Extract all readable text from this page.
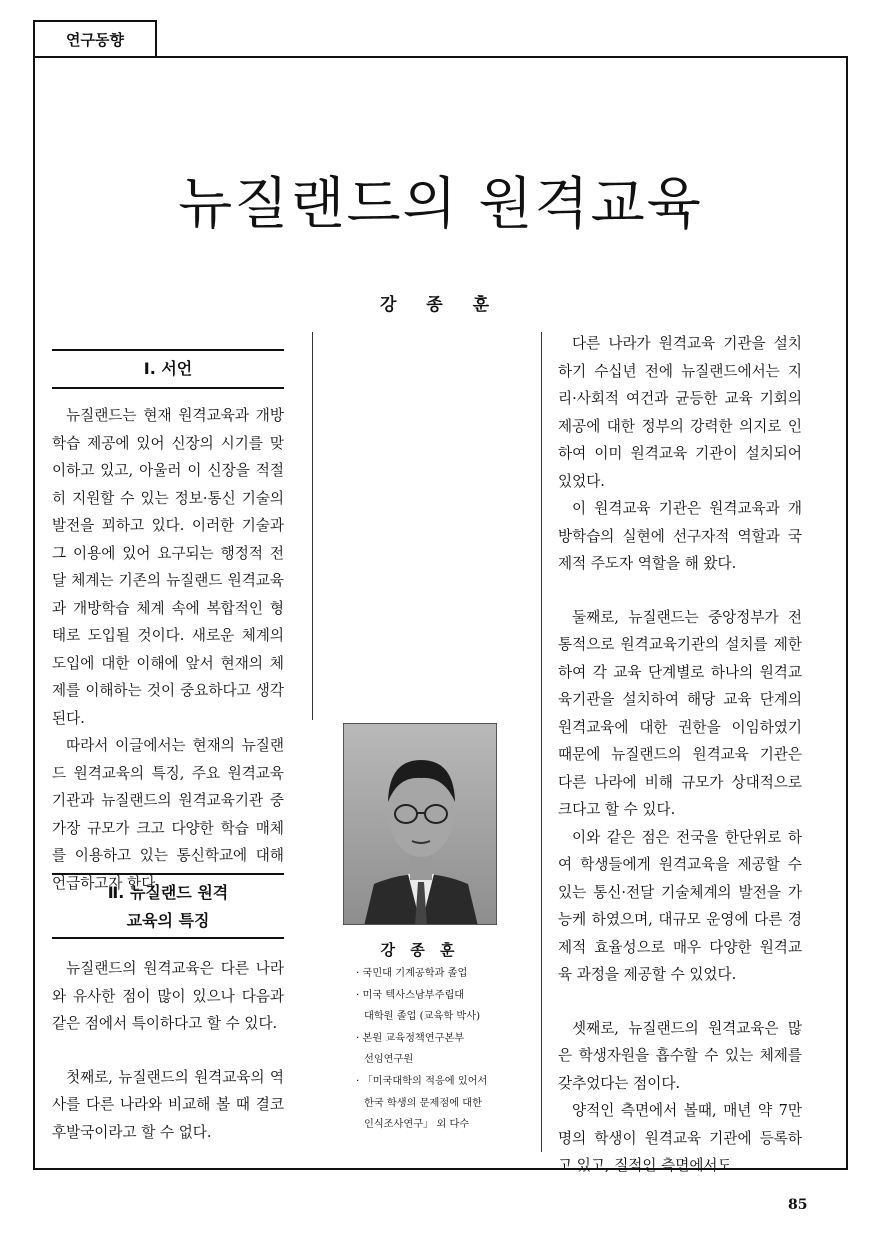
연구동향
뉴질랜드의 원격교육
강 종 훈
Ⅰ. 서언

뉴질랜드는 현재 원격교육과 개방학습 제공에 있어 신장의 시기를 맞이하고 있고, 아울러 이 신장을 적절히 지원할 수 있는 정보·통신 기술의 발전을 꾀하고 있다. 이러한 기술과 그 이용에 있어 요구되는 행정적 전달 체계는 기존의 뉴질랜드 원격교육과 개방학습 체계 속에 복합적인 형태로 도입될 것이다. 새로운 체계의 도입에 대한 이해에 앞서 현재의 체제를 이해하는 것이 중요하다고 생각된다.

따라서 이글에서는 현재의 뉴질랜드 원격교육의 특징, 주요 원격교육기관과 뉴질랜드의 원격교육기관 중 가장 규모가 크고 다양한 학습 매체를 이용하고 있는 통신학교에 대해 언급하고자 한다.

Ⅱ. 뉴질랜드 원격
교육의 특징

뉴질랜드의 원격교육은 다른 나라와 유사한 점이 많이 있으나 다음과 같은 점에서 특이하다고 할 수 있다.

첫째로, 뉴질랜드의 원격교육의 역사를 다른 나라와 비교해 볼 때 결코 후발국이라고 할 수 없다.

강 종 훈
· 국민대 기계공학과 졸업
· 미국 텍사스남부주립대
대학원 졸업 (교육학 박사)
· 본원 교육정책연구본부
선임연구원
· 「미국대학의 적응에 있어서
한국 학생의 문제점에 대한
인식조사연구」 외 다수

다른 나라가 원격교육 기관을 설치하기 수십년 전에 뉴질랜드에서는 지리·사회적 여건과 균등한 교육 기회의 제공에 대한 정부의 강력한 의지로 인하여 이미 원격교육 기관이 설치되어 있었다.

이 원격교육 기관은 원격교육과 개방학습의 실현에 선구자적 역할과 국제적 주도자 역할을 해 왔다.

둘째로, 뉴질랜드는 중앙정부가 전통적으로 원격교육기관의 설치를 제한하여 각 교육 단계별로 하나의 원격교육기관을 설치하여 해당 교육 단계의 원격교육에 대한 권한을 이임하였기 때문에 뉴질랜드의 원격교육 기관은 다른 나라에 비해 규모가 상대적으로 크다고 할 수 있다.

이와 같은 점은 전국을 한단위로 하여 학생들에게 원격교육을 제공할 수 있는 통신·전달 기술체계의 발전을 가능케 하였으며, 대규모 운영에 다른 경제적 효율성으로 매우 다양한 원격교육 과정을 제공할 수 있었다.

셋째로, 뉴질랜드의 원격교육은 많은 학생자원을 흡수할 수 있는 체제를 갖추었다는 점이다.

양적인 측면에서 볼때, 매년 약 7만명의 학생이 원격교육 기관에 등록하고 있고, 질적인 측면에서도

85
